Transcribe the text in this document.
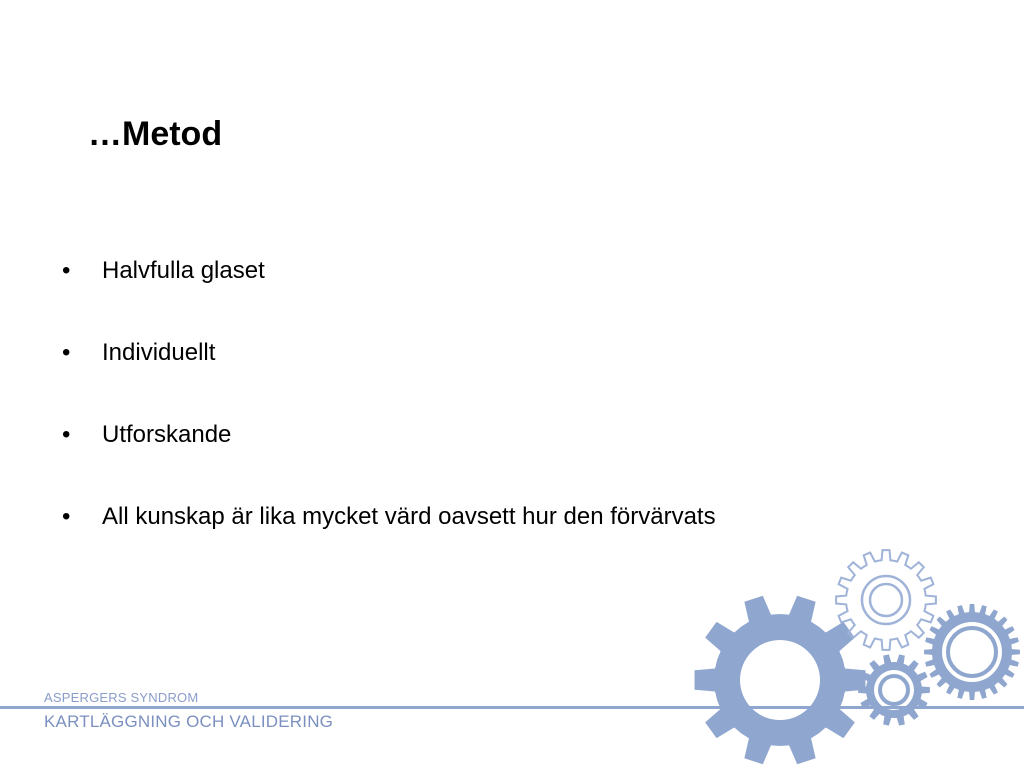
…Metod
• Halvfulla glaset
• Individuellt
• Utforskande
• All kunskap är lika mycket värd oavsett hur den förvärvats
ASPERGERS SYNDROM
KARTLÄGGNING OCH VALIDERING
